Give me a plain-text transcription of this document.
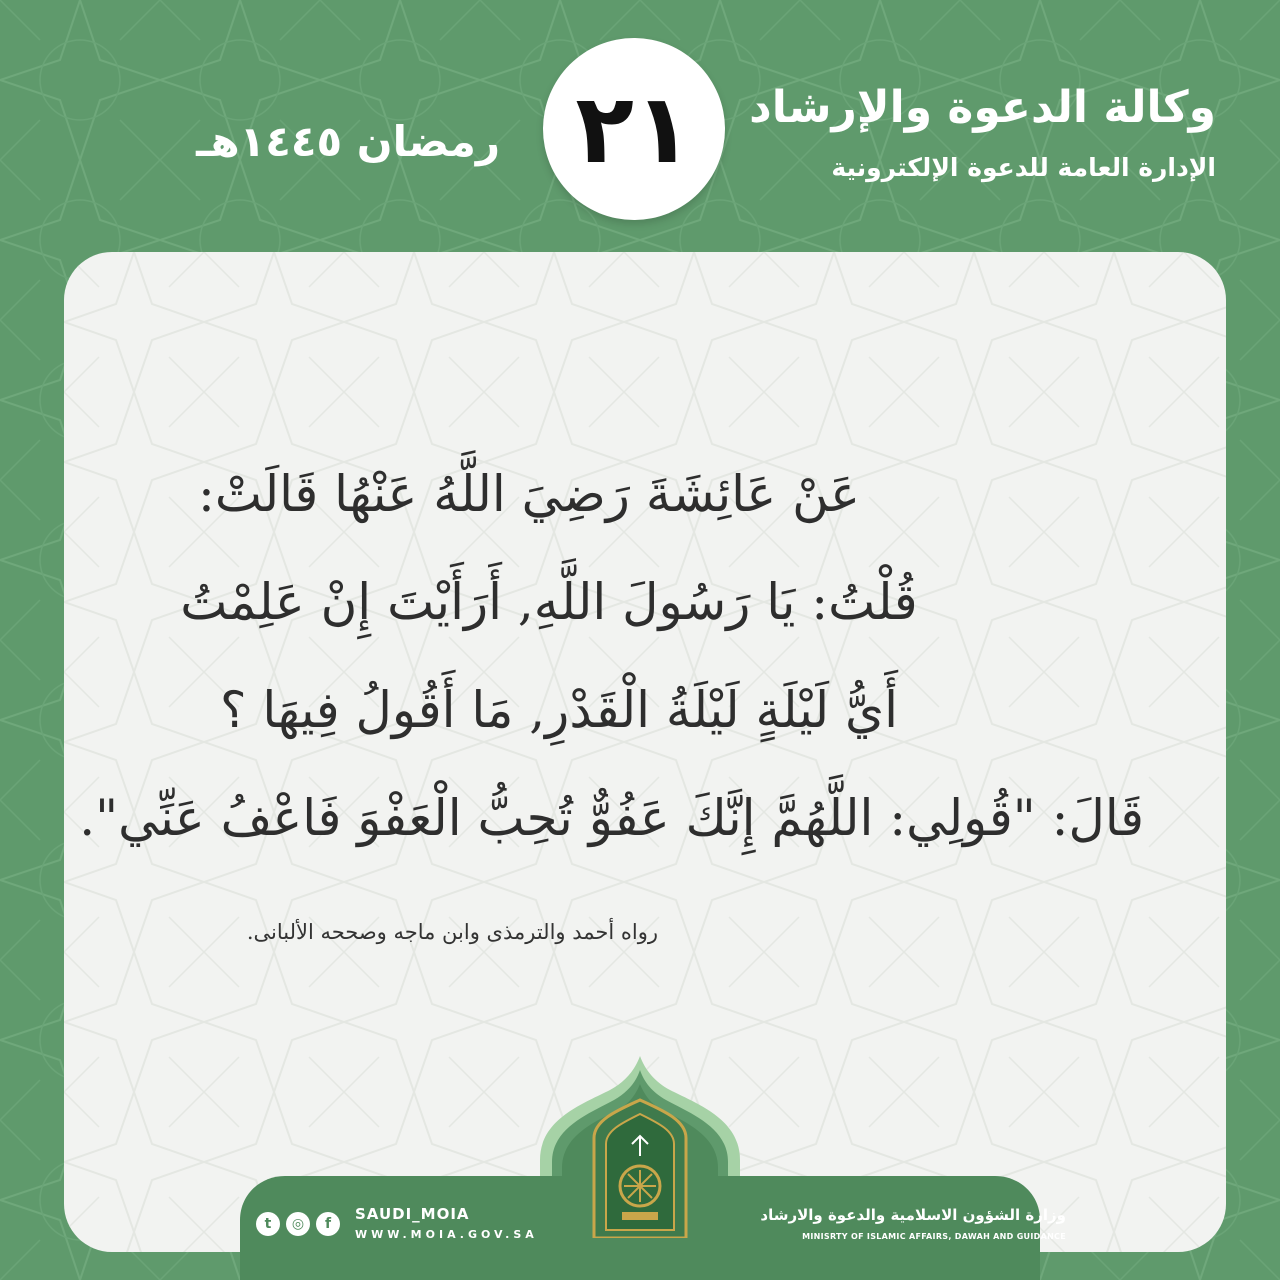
وكالة الدعوة والإرشاد
الإدارة العامة للدعوة الإلكترونية
٢١
رمضان ١٤٤٥هـ
عَنْ عَائِشَةَ رَضِيَ اللَّهُ عَنْهُا قَالَتْ:
قُلْتُ: يَا رَسُولَ اللَّهِ, أَرَأَيْتَ إِنْ عَلِمْتُ
أَيُّ لَيْلَةٍ لَيْلَةُ الْقَدْرِ, مَا أَقُولُ فِيهَا ؟
قَالَ: "قُولِي: اللَّهُمَّ إِنَّكَ عَفُوٌّ تُحِبُّ الْعَفْوَ فَاعْفُ عَنِّي".
رواه أحمد والترمذى وابن ماجه وصححه الألبانى.
t	◎	f
SAUDI_MOIA
WWW.MOIA.GOV.SA
وزارة الشؤون الاسلامية والدعوة والارشاد
MINISRTY OF ISLAMIC AFFAIRS, DAWAH AND GUIDANCE
